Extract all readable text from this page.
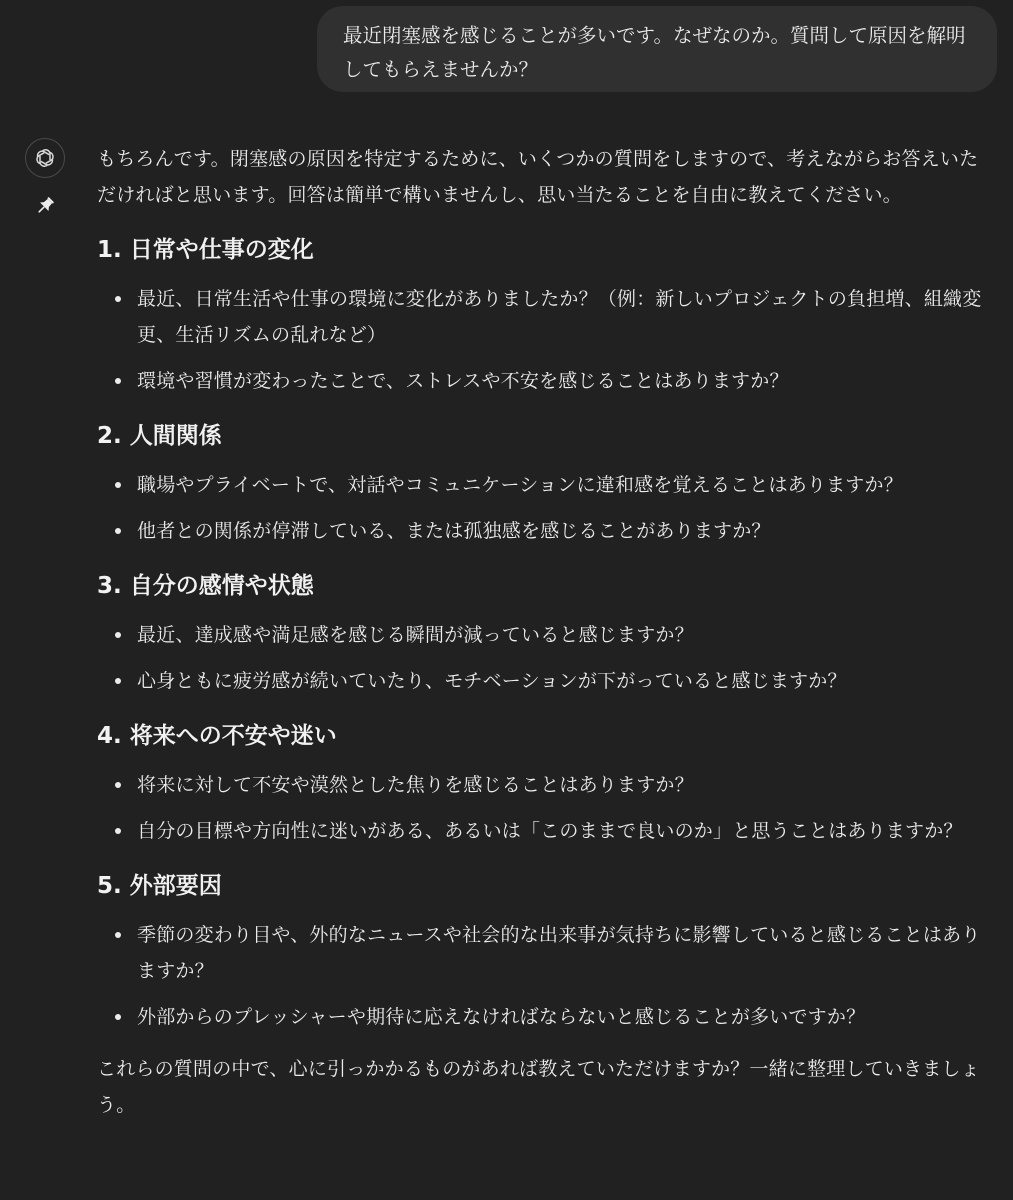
最近閉塞感を感じることが多いです。なぜなのか。質問して原因を解明してもらえませんか？

もちろんです。閉塞感の原因を特定するために、いくつかの質問をしますので、考えながらお答えいただければと思います。回答は簡単で構いませんし、思い当たることを自由に教えてください。

1. 日常や仕事の変化
最近、日常生活や仕事の環境に変化がありましたか？（例：新しいプロジェクトの負担増、組織変更、生活リズムの乱れなど）
環境や習慣が変わったことで、ストレスや不安を感じることはありますか？
2. 人間関係
職場やプライベートで、対話やコミュニケーションに違和感を覚えることはありますか？
他者との関係が停滞している、または孤独感を感じることがありますか？
3. 自分の感情や状態
最近、達成感や満足感を感じる瞬間が減っていると感じますか？
心身ともに疲労感が続いていたり、モチベーションが下がっていると感じますか？
4. 将来への不安や迷い
将来に対して不安や漠然とした焦りを感じることはありますか？
自分の目標や方向性に迷いがある、あるいは「このままで良いのか」と思うことはありますか？
5. 外部要因
季節の変わり目や、外的なニュースや社会的な出来事が気持ちに影響していると感じることはありますか？
外部からのプレッシャーや期待に応えなければならないと感じることが多いですか？

これらの質問の中で、心に引っかかるものがあれば教えていただけますか？一緒に整理していきましょう。
